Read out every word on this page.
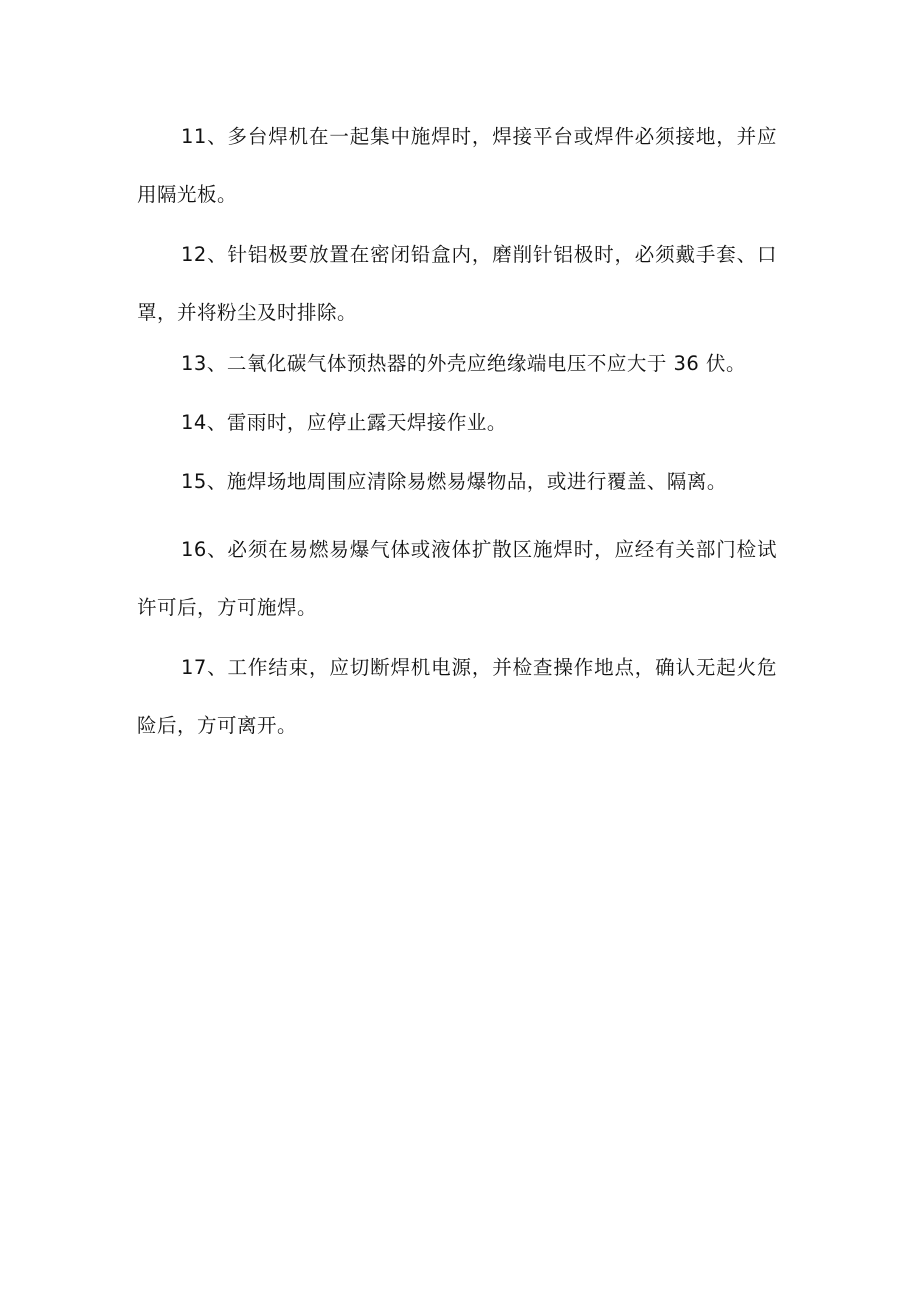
11、多台焊机在一起集中施焊时，焊接平台或焊件必须接地，并应用隔光板。

12、针铝极要放置在密闭铅盒内，磨削针铝极时，必须戴手套、口罩，并将粉尘及时排除。

13、二氧化碳气体预热器的外壳应绝缘端电压不应大于 36 伏。

14、雷雨时，应停止露天焊接作业。

15、施焊场地周围应清除易燃易爆物品，或进行覆盖、隔离。

16、必须在易燃易爆气体或液体扩散区施焊时，应经有关部门检试许可后，方可施焊。

17、工作结束，应切断焊机电源，并检查操作地点，确认无起火危险后，方可离开。
